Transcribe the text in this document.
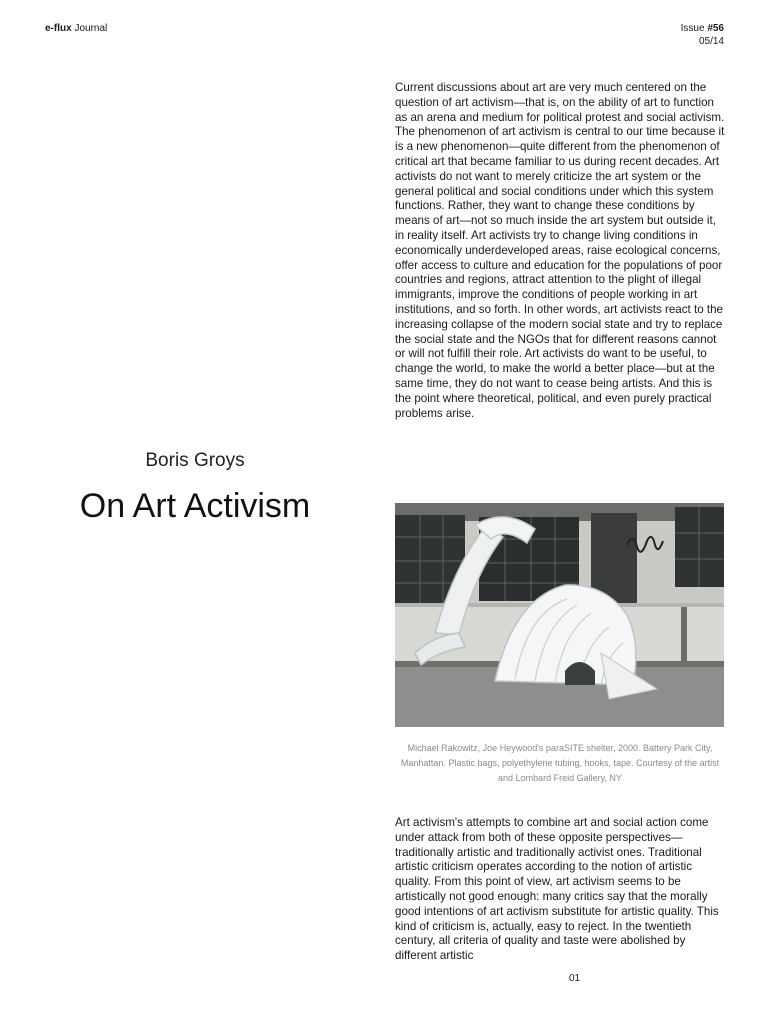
e-flux Journal	Issue #56
05/14
Boris Groys
On Art Activism
Current discussions about art are very much centered on the question of art activism—that is, on the ability of art to function as an arena and medium for political protest and social activism. The phenomenon of art activism is central to our time because it is a new phenomenon—quite different from the phenomenon of critical art that became familiar to us during recent decades. Art activists do not want to merely criticize the art system or the general political and social conditions under which this system functions. Rather, they want to change these conditions by means of art—not so much inside the art system but outside it, in reality itself. Art activists try to change living conditions in economically underdeveloped areas, raise ecological concerns, offer access to culture and education for the populations of poor countries and regions, attract attention to the plight of illegal immigrants, improve the conditions of people working in art institutions, and so forth. In other words, art activists react to the increasing collapse of the modern social state and try to replace the social state and the NGOs that for different reasons cannot or will not fulfill their role. Art activists do want to be useful, to change the world, to make the world a better place—but at the same time, they do not want to cease being artists. And this is the point where theoretical, political, and even purely practical problems arise.
Michael Rakowitz, Joe Heywood's paraSITE shelter, 2000. Battery Park City, Manhattan. Plastic bags, polyethylene tubing, hooks, tape. Courtesy of the artist and Lombard Freid Gallery, NY
Art activism's attempts to combine art and social action come under attack from both of these opposite perspectives—traditionally artistic and traditionally activist ones. Traditional artistic criticism operates according to the notion of artistic quality. From this point of view, art activism seems to be artistically not good enough: many critics say that the morally good intentions of art activism substitute for artistic quality. This kind of criticism is, actually, easy to reject. In the twentieth century, all criteria of quality and taste were abolished by different artistic
01
